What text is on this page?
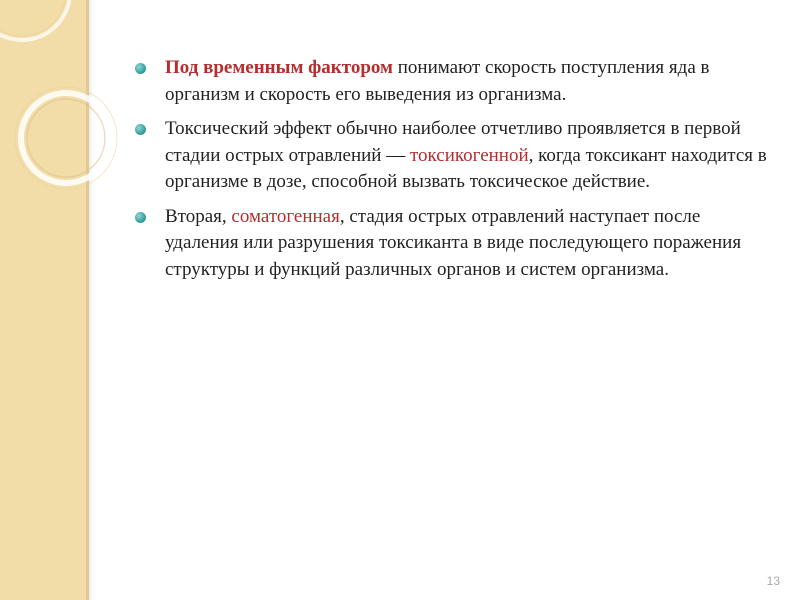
Под временным фактором понимают скорость поступления яда в организм и скорость его выведения из организма.
Токсический эффект обычно наиболее отчетливо проявляется в первой стадии острых отравлений — токсикогенной, когда токсикант находится в организме в дозе, способной вызвать токсическое действие.
Вторая, соматогенная, стадия острых отравлений наступает после удаления или разрушения токсиканта в виде последующего поражения структуры и функций различных органов и систем организма.
13
